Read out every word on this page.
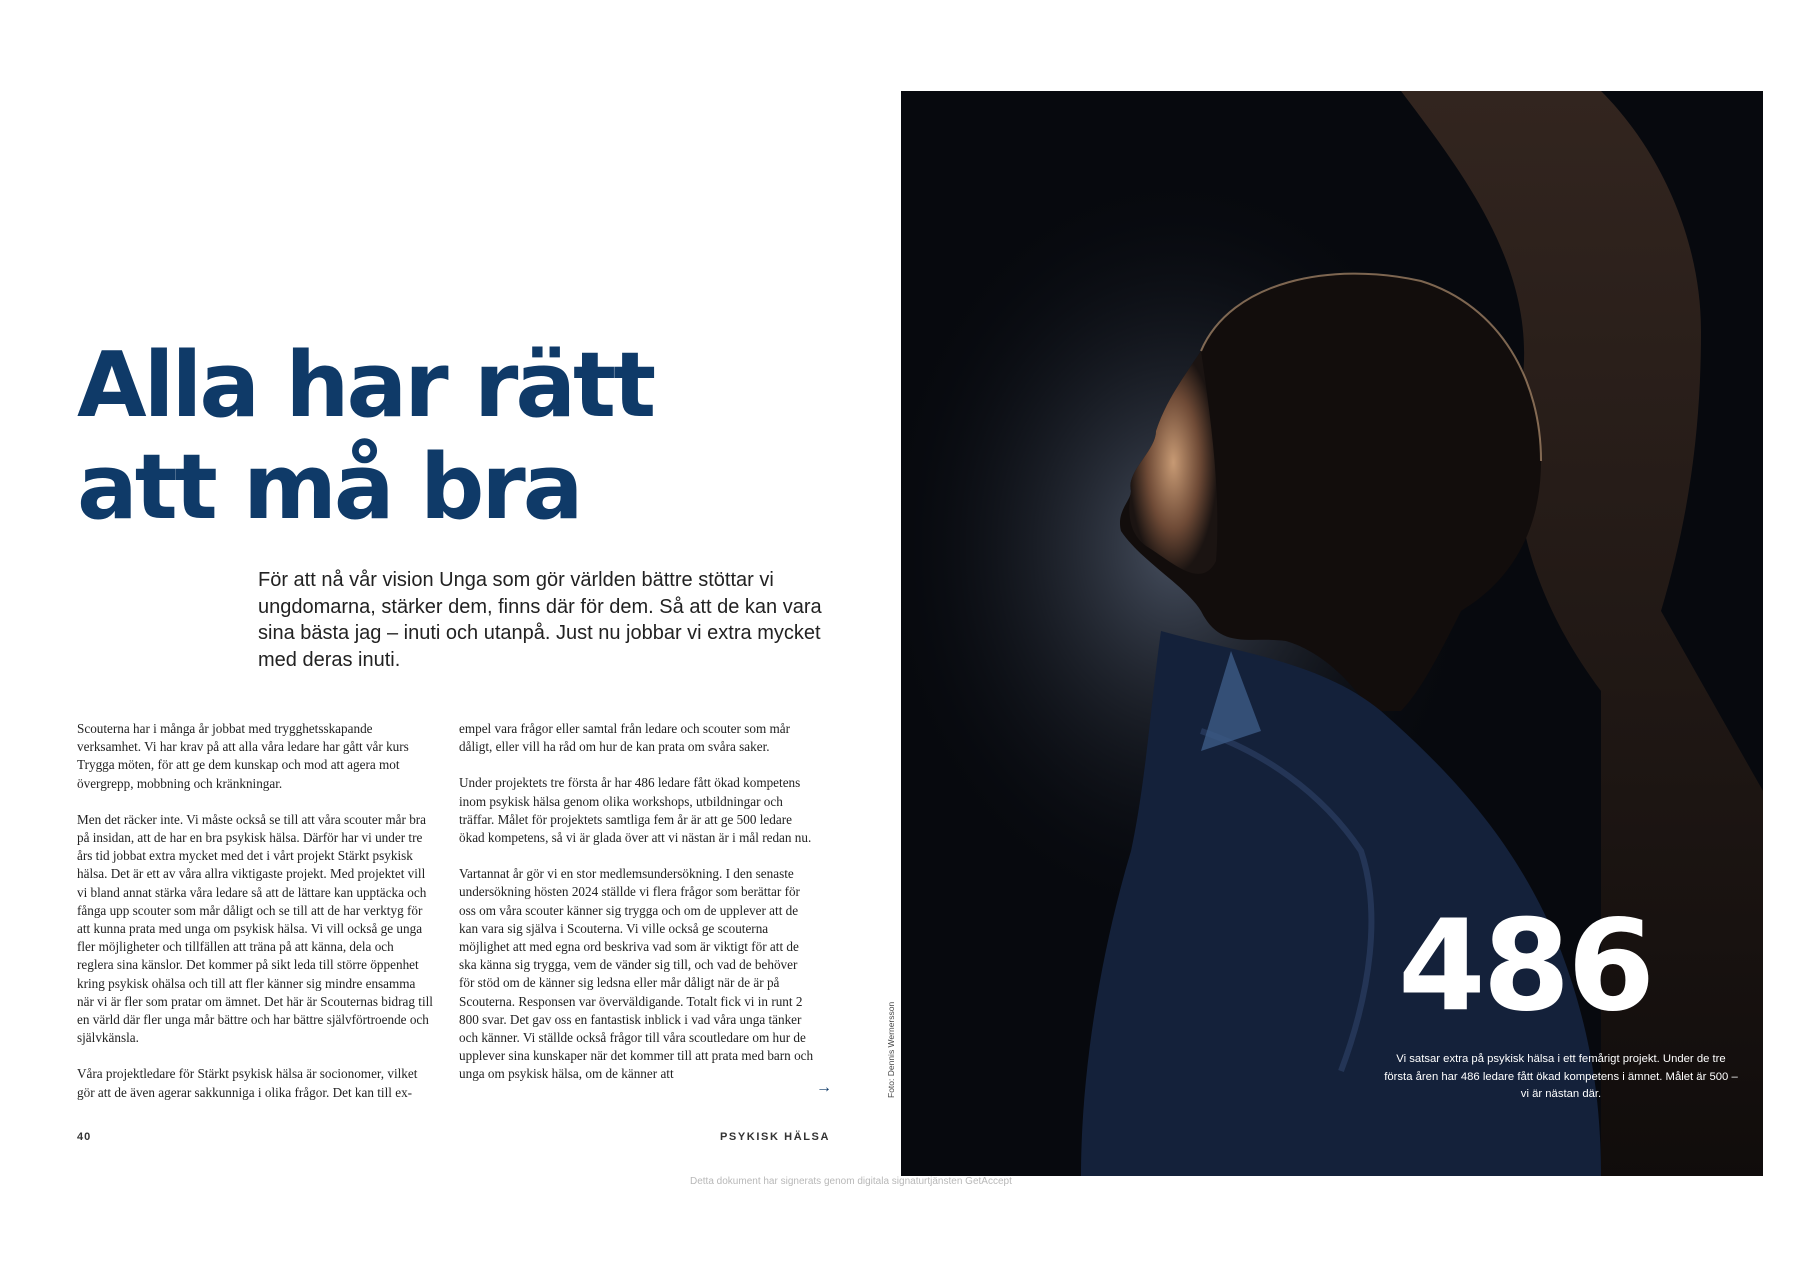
Alla har rätt
att må bra

För att nå vår vision Unga som gör världen bättre stöttar vi ungdomarna, stärker dem, finns där för dem. Så att de kan vara sina bästa jag – inuti och utanpå. Just nu jobbar vi extra mycket med deras inuti.

Scouterna har i många år jobbat med trygghetsskapande verksamhet. Vi har krav på att alla våra ledare har gått vår kurs Trygga möten, för att ge dem kunskap och mod att agera mot övergrepp, mobbning och kränkningar.

Men det räcker inte. Vi måste också se till att våra scouter mår bra på insidan, att de har en bra psykisk hälsa. Därför har vi under tre års tid jobbat extra mycket med det i vårt projekt Stärkt psykisk hälsa. Det är ett av våra allra viktigaste projekt. Med projektet vill vi bland annat stärka våra ledare så att de lättare kan upptäcka och fånga upp scouter som mår dåligt och se till att de har verktyg för att kunna prata med unga om psykisk hälsa. Vi vill också ge unga fler möjligheter och tillfällen att träna på att känna, dela och reglera sina känslor. Det kommer på sikt leda till större öppenhet kring psykisk ohälsa och till att fler känner sig mindre ensamma när vi är fler som pratar om ämnet. Det här är Scouternas bidrag till en värld där fler unga mår bättre och har bättre självförtroende och självkänsla.

Våra projektledare för Stärkt psykisk hälsa är socionomer, vilket gör att de även agerar sakkunniga i olika frågor. Det kan till ex-

empel vara frågor eller samtal från ledare och scouter som mår dåligt, eller vill ha råd om hur de kan prata om svåra saker.

Under projektets tre första år har 486 ledare fått ökad kompetens inom psykisk hälsa genom olika workshops, utbildningar och träffar. Målet för projektets samtliga fem år är att ge 500 ledare ökad kompetens, så vi är glada över att vi nästan är i mål redan nu.

Vartannat år gör vi en stor medlemsundersökning. I den senaste undersökning hösten 2024 ställde vi flera frågor som berättar för oss om våra scouter känner sig trygga och om de upplever att de kan vara sig själva i Scouterna. Vi ville också ge scouterna möjlighet att med egna ord beskriva vad som är viktigt för att de ska känna sig trygga, vem de vänder sig till, och vad de behöver för stöd om de känner sig ledsna eller mår dåligt när de är på Scouterna. Responsen var överväldigande. Totalt fick vi in runt 2 800 svar. Det gav oss en fantastisk inblick i vad våra unga tänker och känner. Vi ställde också frågor till våra scoutledare om hur de upplever sina kunskaper när det kommer till att prata med barn och unga om psykisk hälsa, om de känner att

→
40	PSYKISK HÄLSA
Foto: Dennis Wernersson
486
Vi satsar extra på psykisk hälsa i ett femårigt projekt. Under de tre första åren har 486 ledare fått ökad kompetens i ämnet. Målet är 500 – vi är nästan där.
Detta dokument har signerats genom digitala signaturtjänsten GetAccept
